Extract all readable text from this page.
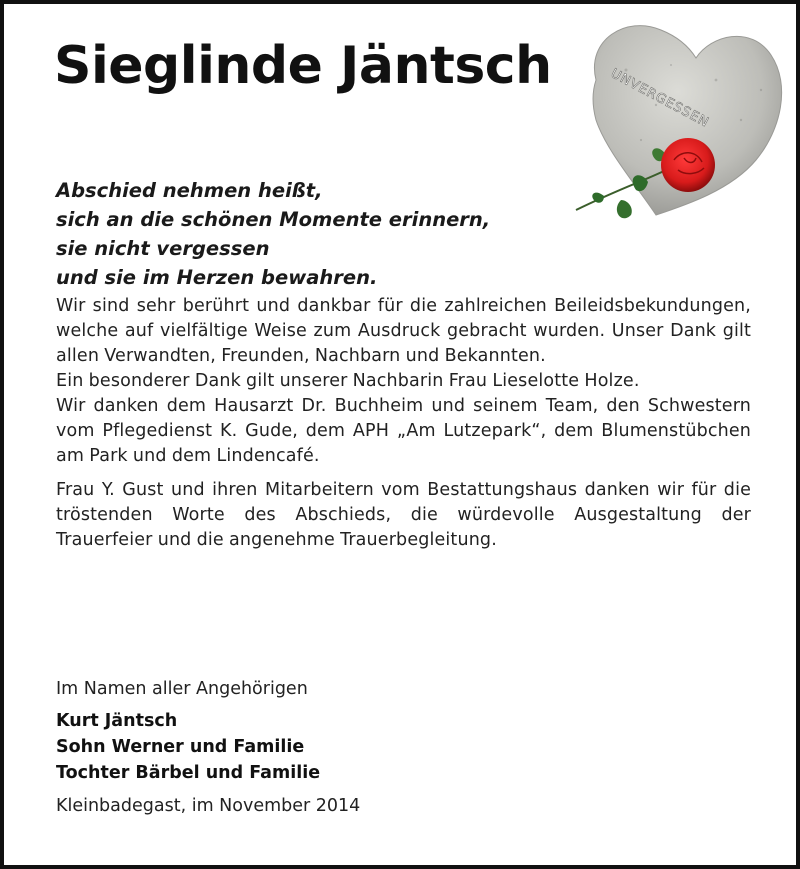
Sieglinde Jäntsch
UNVERGESSEN
Abschied nehmen heißt,
sich an die schönen Momente erinnern,
sie nicht vergessen
und sie im Herzen bewahren.

Wir sind sehr berührt und dankbar für die zahlreichen Beileidsbekundungen, welche auf vielfältige Weise zum Ausdruck gebracht wurden. Unser Dank gilt allen Verwandten, Freunden, Nachbarn und Bekannten.

Ein besonderer Dank gilt unserer Nachbarin Frau Lieselotte Holze.

Wir danken dem Hausarzt Dr. Buchheim und seinem Team, den Schwestern vom Pflegedienst K. Gude, dem APH „Am Lutzepark“, dem Blumenstübchen am Park und dem Lindencafé.

Frau Y. Gust und ihren Mitarbeitern vom Bestattungshaus danken wir für die tröstenden Worte des Abschieds, die würdevolle Ausgestaltung der Trauerfeier und die angenehme Trauerbegleitung.

Im Namen aller Angehörigen

Kurt Jäntsch
Sohn Werner und Familie
Tochter Bärbel und Familie

Kleinbadegast, im November 2014
